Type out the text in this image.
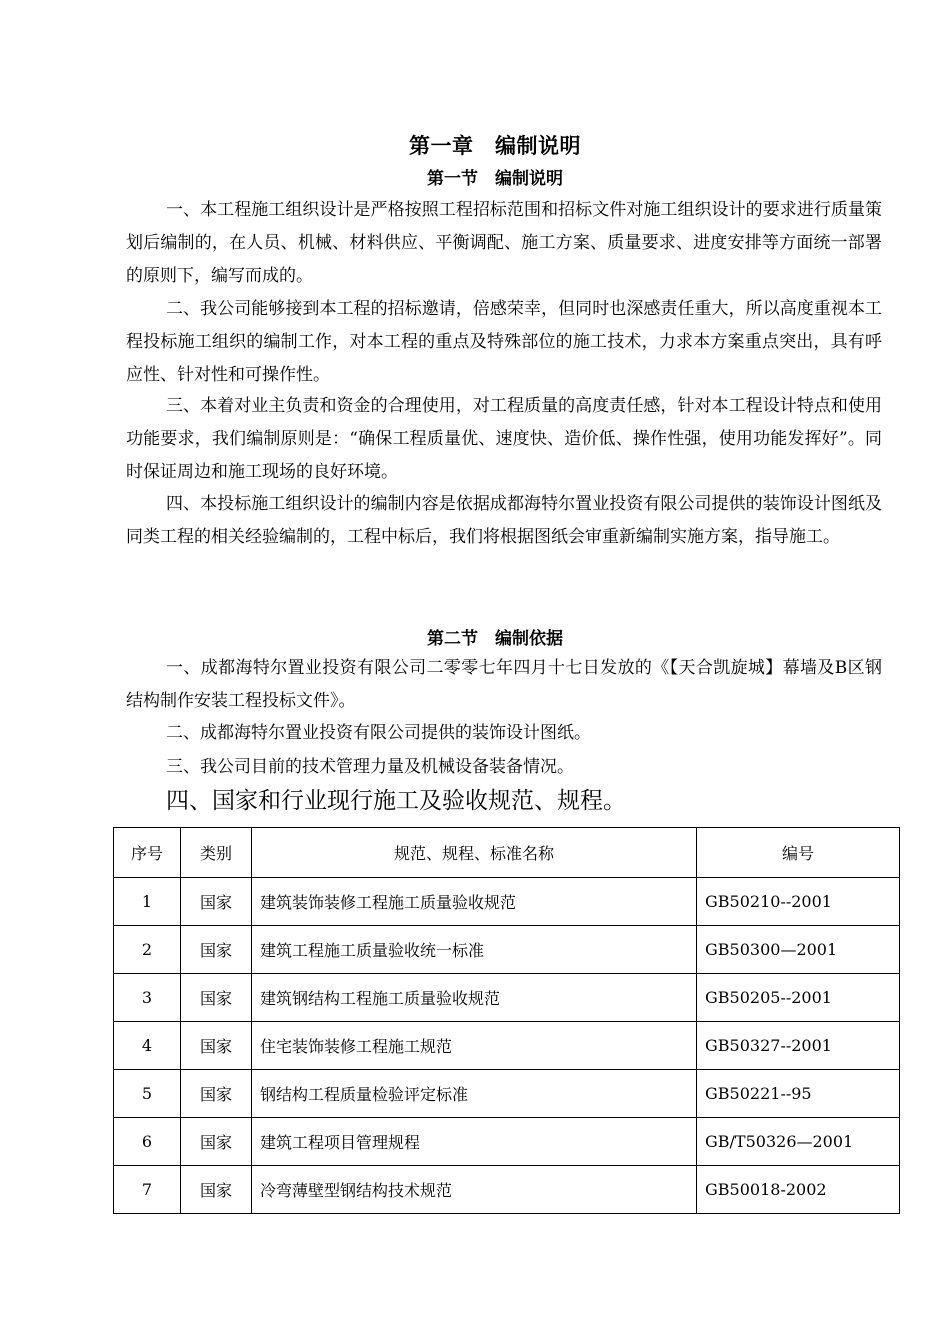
第一章　编制说明
第一节　编制说明

一、本工程施工组织设计是严格按照工程招标范围和招标文件对施工组织设计的要求进行质量策划后编制的，在人员、机械、材料供应、平衡调配、施工方案、质量要求、进度安排等方面统一部署的原则下，编写而成的。

二、我公司能够接到本工程的招标邀请，倍感荣幸，但同时也深感责任重大，所以高度重视本工程投标施工组织的编制工作，对本工程的重点及特殊部位的施工技术，力求本方案重点突出，具有呼应性、针对性和可操作性。

三、本着对业主负责和资金的合理使用，对工程质量的高度责任感，针对本工程设计特点和使用功能要求，我们编制原则是：“确保工程质量优、速度快、造价低、操作性强，使用功能发挥好”。同时保证周边和施工现场的良好环境。

四、本投标施工组织设计的编制内容是依据成都海特尔置业投资有限公司提供的装饰设计图纸及同类工程的相关经验编制的，工程中标后，我们将根据图纸会审重新编制实施方案，指导施工。

第二节　编制依据

一、成都海特尔置业投资有限公司二零零七年四月十七日发放的《【天合凯旋城】幕墙及B区钢结构制作安装工程投标文件》。

二、成都海特尔置业投资有限公司提供的装饰设计图纸。

三、我公司目前的技术管理力量及机械设备装备情况。

四、国家和行业现行施工及验收规范、规程。

序号	类别	规范、规程、标准名称	编号
1	国家	建筑装饰装修工程施工质量验收规范	GB50210--2001
2	国家	建筑工程施工质量验收统一标准	GB50300—2001
3	国家	建筑钢结构工程施工质量验收规范	GB50205--2001
4	国家	住宅装饰装修工程施工规范	GB50327--2001
5	国家	钢结构工程质量检验评定标准	GB50221--95
6	国家	建筑工程项目管理规程	GB/T50326—2001
7	国家	冷弯薄壁型钢结构技术规范	GB50018-2002
